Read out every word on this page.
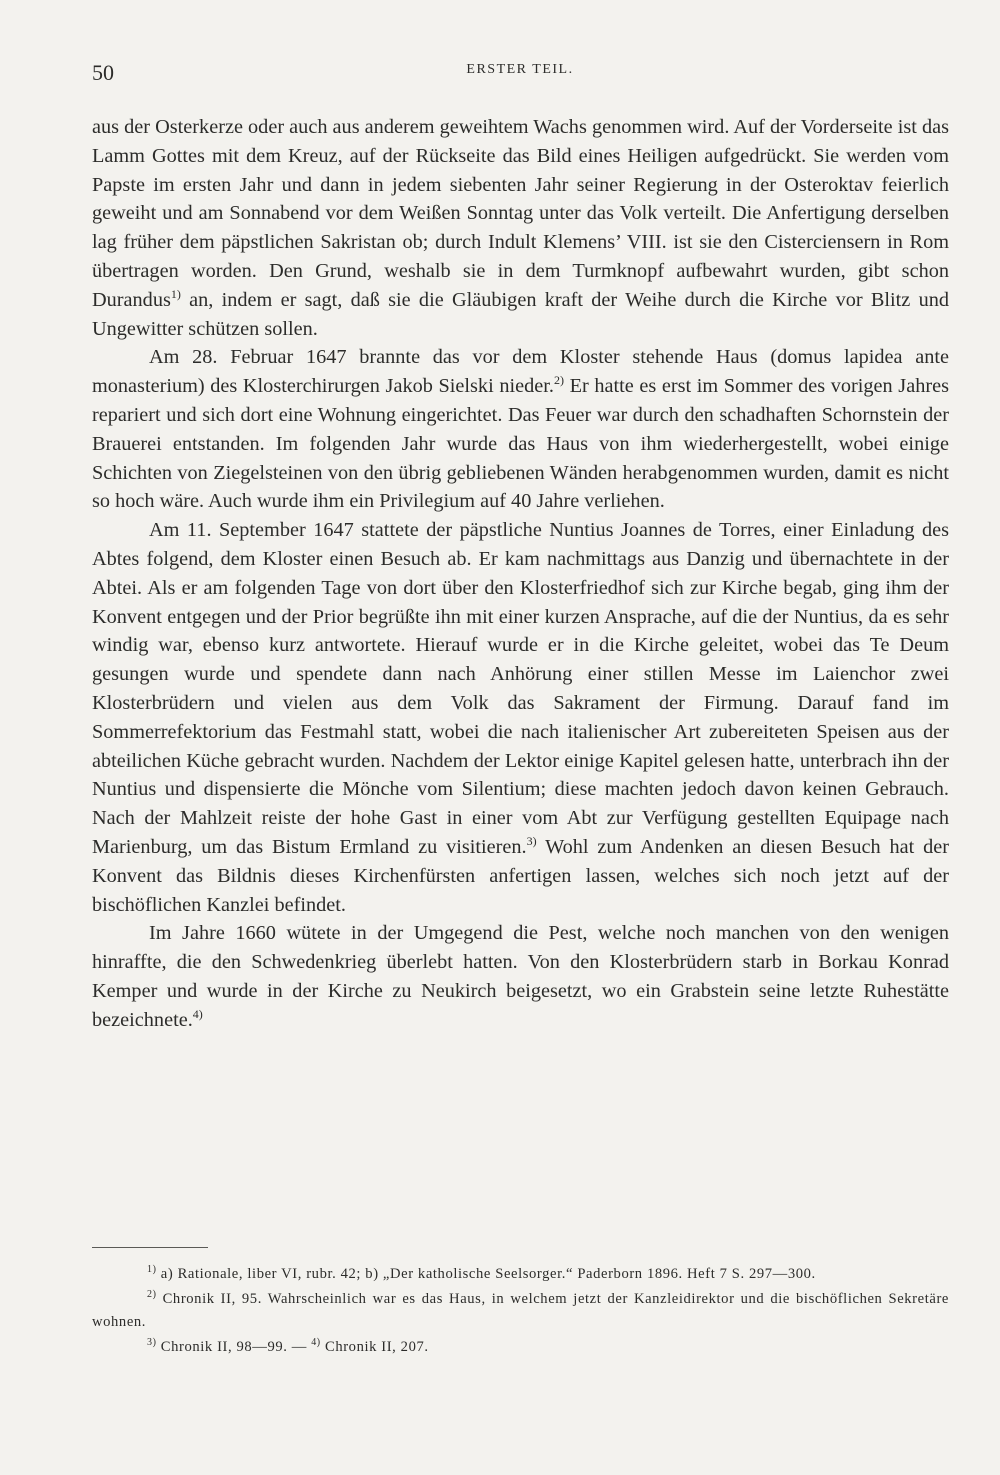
50	ERSTER TEIL.

aus der Osterkerze oder auch aus anderem geweihtem Wachs genommen wird. Auf der Vorderseite ist das Lamm Gottes mit dem Kreuz, auf der Rückseite das Bild eines Heiligen aufgedrückt. Sie werden vom Papste im ersten Jahr und dann in jedem siebenten Jahr seiner Regierung in der Osteroktav feierlich geweiht und am Sonnabend vor dem Weißen Sonntag unter das Volk verteilt. Die Anfertigung derselben lag früher dem päpstlichen Sakristan ob; durch Indult Klemens’ VIII. ist sie den Cisterciensern in Rom übertragen worden. Den Grund, weshalb sie in dem Turmknopf aufbewahrt wurden, gibt schon Durandus$^{1)}$ an, indem er sagt, daß sie die Gläubigen kraft der Weihe durch die Kirche vor Blitz und Ungewitter schützen sollen.

Am 28. Februar 1647 brannte das vor dem Kloster stehende Haus (domus lapidea ante monasterium) des Klosterchirurgen Jakob Sielski nieder.$^{2)}$ Er hatte es erst im Sommer des vorigen Jahres repariert und sich dort eine Wohnung eingerichtet. Das Feuer war durch den schadhaften Schornstein der Brauerei entstanden. Im folgenden Jahr wurde das Haus von ihm wiederhergestellt, wobei einige Schichten von Ziegelsteinen von den übrig gebliebenen Wänden herabgenommen wurden, damit es nicht so hoch wäre. Auch wurde ihm ein Privilegium auf 40 Jahre verliehen.

Am 11. September 1647 stattete der päpstliche Nuntius Joannes de Torres, einer Einladung des Abtes folgend, dem Kloster einen Besuch ab. Er kam nachmittags aus Danzig und übernachtete in der Abtei. Als er am folgenden Tage von dort über den Klosterfriedhof sich zur Kirche begab, ging ihm der Konvent entgegen und der Prior begrüßte ihn mit einer kurzen Ansprache, auf die der Nuntius, da es sehr windig war, ebenso kurz antwortete. Hierauf wurde er in die Kirche geleitet, wobei das Te Deum gesungen wurde und spendete dann nach Anhörung einer stillen Messe im Laienchor zwei Klosterbrüdern und vielen aus dem Volk das Sakrament der Firmung. Darauf fand im Sommerrefektorium das Festmahl statt, wobei die nach italienischer Art zubereiteten Speisen aus der abteilichen Küche gebracht wurden. Nachdem der Lektor einige Kapitel gelesen hatte, unterbrach ihn der Nuntius und dispensierte die Mönche vom Silentium; diese machten jedoch davon keinen Gebrauch. Nach der Mahlzeit reiste der hohe Gast in einer vom Abt zur Verfügung gestellten Equipage nach Marienburg, um das Bistum Ermland zu visitieren.$^{3)}$ Wohl zum Andenken an diesen Besuch hat der Konvent das Bildnis dieses Kirchenfürsten anfertigen lassen, welches sich noch jetzt auf der bischöflichen Kanzlei befindet.

Im Jahre 1660 wütete in der Umgegend die Pest, welche noch manchen von den wenigen hinraffte, die den Schwedenkrieg überlebt hatten. Von den Klosterbrüdern starb in Borkau Konrad Kemper und wurde in der Kirche zu Neukirch beigesetzt, wo ein Grabstein seine letzte Ruhestätte bezeichnete.$^{4)}$

$^{1)}$ a) Rationale, liber VI, rubr. 42; b) „Der katholische Seelsorger.“ Paderborn 1896. Heft 7 S. 297—300.

$^{2)}$ Chronik II, 95. Wahrscheinlich war es das Haus, in welchem jetzt der Kanzleidirektor und die bischöflichen Sekretäre wohnen.

$^{3)}$ Chronik II, 98—99. — $^{4)}$ Chronik II, 207.
